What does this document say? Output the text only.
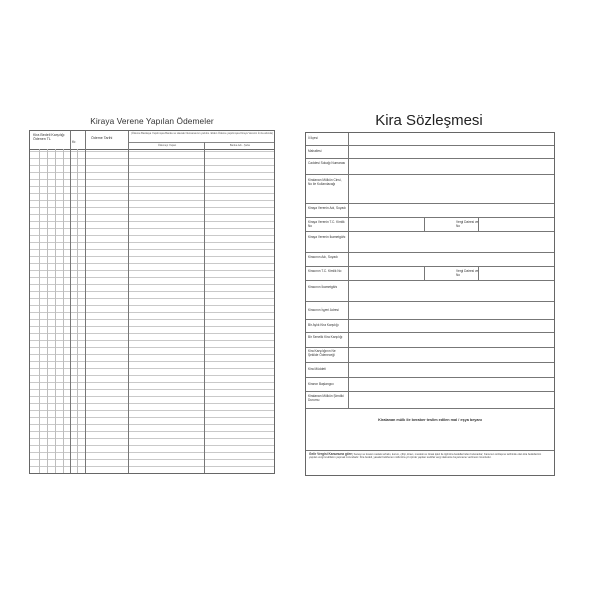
Kiraya Verene Yapılan Ödemeler
Kira Bedeli Karşılığı Ödenen TL
Kr.
Ödeme Tarihi
(Ödeme Bankaya Yapılmışsa Banka ve Havale Numarasının yazılısı. Elden Ödeme yapılmışsa Kiraya Verenin İmza altında)
Ödemeyi Yapan	Banka Adı - Şube
Kira Sözleşmesi
İl İlçesi
Mahallesi
Caddesi Sokağı Numarası
Kiralanan Mülkün Cinsi, No ile Kullanılacağı
Kiraya Verenin Adı, Soyadı
Kiraya Verenin T.C. Kimlik No
Vergi Dairesi ve No
Kiraya Verenin İkametgâhı
Kiracının Adı, Soyadı
Kiracının T.C. Kimlik No	Vergi Dairesi ve No
Kiracının İkametgâhı
Kiracının İşyeri Adresi
Bir Aylık Kira Karşılığı
Bir Senelik Kira Karşılığı
Kira Karşılığının Ne Şekilde Ödeneceği
Kira Müddeti
Kiranın Başlangıcı
Kiralanan Mülkün Şimdiki Durumu
Kiralanan mülk ile beraber teslim edilen mal / eşya beyanı
Gelir Vergisi Kanununa göre; Sanayi ve ticaret mesleki erbabı, kurum, çiftçi, kiracı, mesleki ve ziraat işleri ile ilgili kira bedellerinden bulunanlar; Kanunun sözleşme tarihinde olan kira bedellerinin yapılan vergi tevkifatını yapmak zorundadır. Kira bedeli, yasalar belirlenen mülki kira yılı içinde yapılan tevkifat vergi dairesine beyanname verilmesi zorunludur.
